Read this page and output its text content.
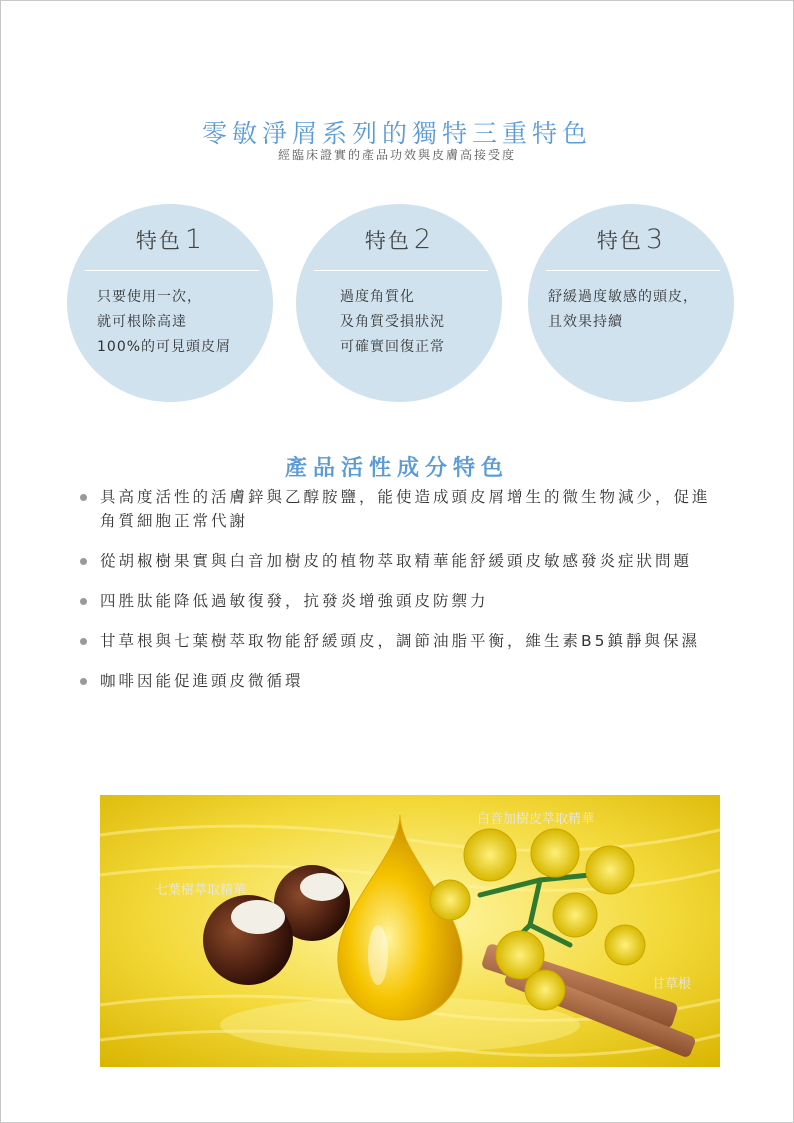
零敏淨屑系列的獨特三重特色
經臨床證實的產品功效與皮膚高接受度
特色 1
只要使用一次，
就可根除高達
100%的可見頭皮屑
特色 2
過度角質化
及角質受損狀況
可確實回復正常
特色 3
舒緩過度敏感的頭皮，
且效果持續
產品活性成分特色
具高度活性的活膚鋅與乙醇胺鹽，能使造成頭皮屑增生的微生物減少，促進角質細胞正常代謝
從胡椒樹果實與白音加樹皮的植物萃取精華能舒緩頭皮敏感發炎症狀問題
四胜肽能降低過敏復發，抗發炎增強頭皮防禦力
甘草根與七葉樹萃取物能舒緩頭皮，調節油脂平衡，維生素B5鎮靜與保濕
咖啡因能促進頭皮微循環
白音加樹皮萃取精華
七葉樹萃取精華
甘草根
